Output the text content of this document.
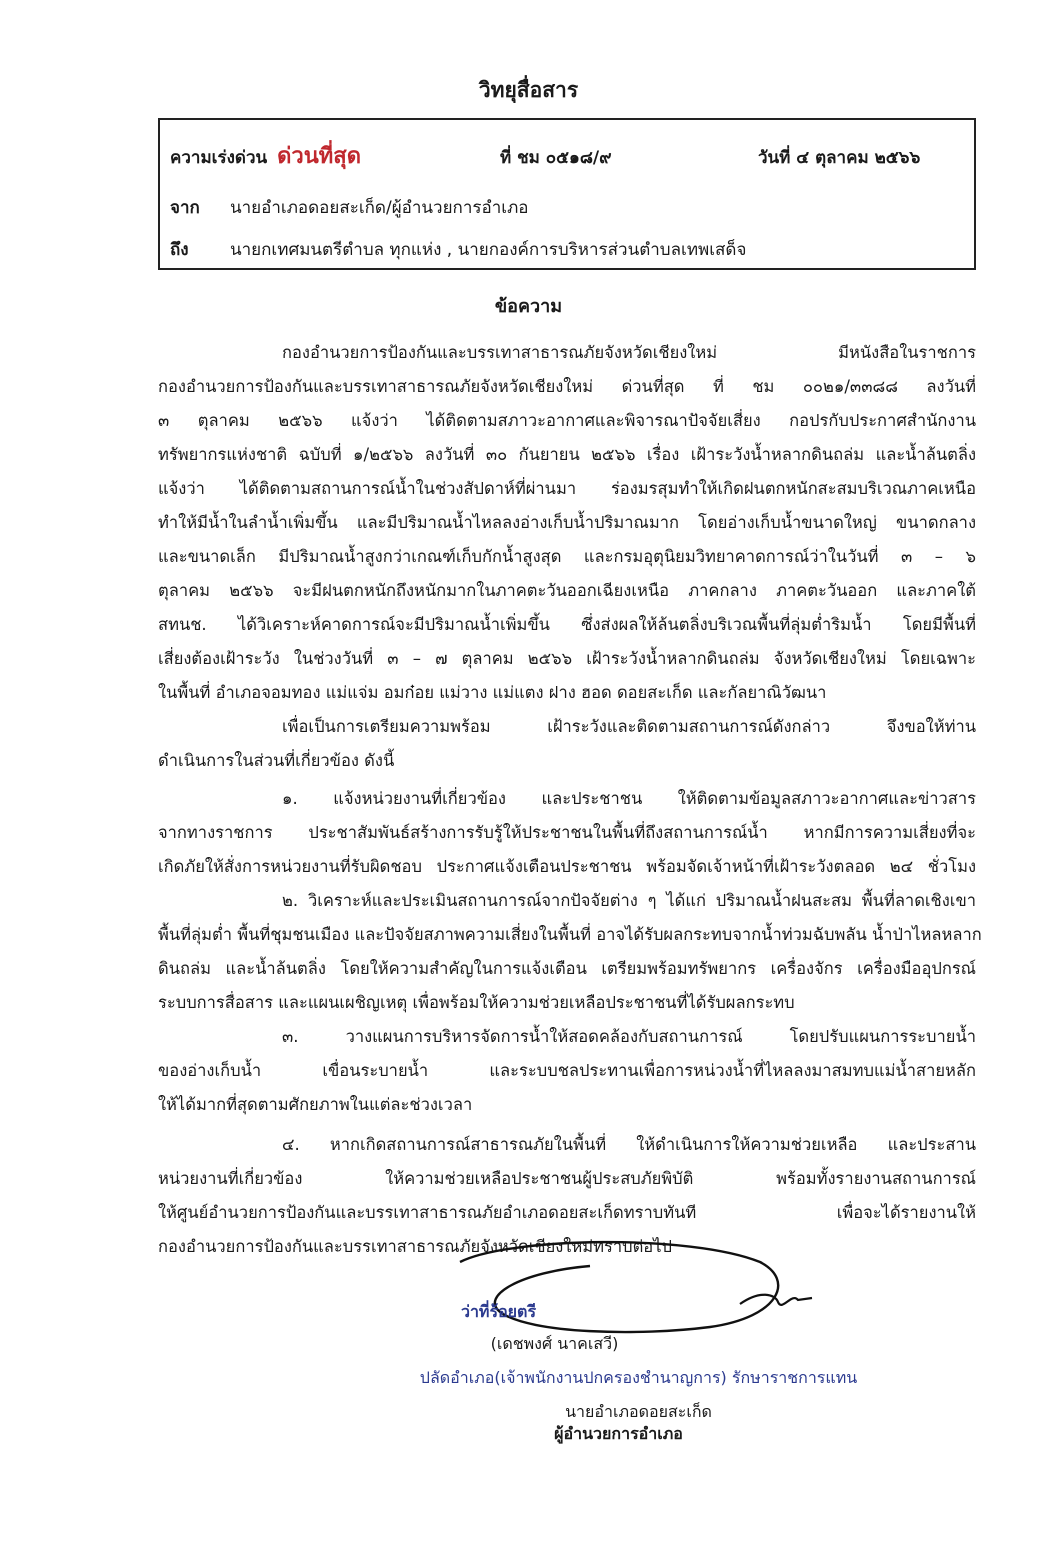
วิทยุสื่อสาร
ความเร่งด่วน ด่วนที่สุด	ที่ ชม ๐๕๑๘/๙	วันที่ ๔ ตุลาคม ๒๕๖๖
จาก นายอำเภอดอยสะเก็ด/ผู้อำนวยการอำเภอ
ถึง นายกเทศมนตรีตำบล ทุกแห่ง , นายกองค์การบริหารส่วนตำบลเทพเสด็จ
ข้อความ
กองอำนวยการป้องกันและบรรเทาสาธารณภัยจังหวัดเชียงใหม่ มีหนังสือในราชการ
กองอำนวยการป้องกันและบรรเทาสาธารณภัยจังหวัดเชียงใหม่ ด่วนที่สุด ที่ ชม ๐๐๒๑/๓๓๘๘ ลงวันที่
๓ ตุลาคม ๒๕๖๖ แจ้งว่า ได้ติดตามสภาวะอากาศและพิจารณาปัจจัยเสี่ยง กอปรกับประกาศสำนักงาน
ทรัพยากรแห่งชาติ ฉบับที่ ๑/๒๕๖๖ ลงวันที่ ๓๐ กันยายน ๒๕๖๖ เรื่อง เฝ้าระวังน้ำหลากดินถล่ม และน้ำล้นตลิ่ง
แจ้งว่า ได้ติดตามสถานการณ์น้ำในช่วงสัปดาห์ที่ผ่านมา ร่องมรสุมทำให้เกิดฝนตกหนักสะสมบริเวณภาคเหนือ
ทำให้มีน้ำในลำน้ำเพิ่มขึ้น และมีปริมาณน้ำไหลลงอ่างเก็บน้ำปริมาณมาก โดยอ่างเก็บน้ำขนาดใหญ่ ขนาดกลาง
และขนาดเล็ก มีปริมาณน้ำสูงกว่าเกณฑ์เก็บกักน้ำสูงสุด และกรมอุตุนิยมวิทยาคาดการณ์ว่าในวันที่ ๓ – ๖
ตุลาคม ๒๕๖๖ จะมีฝนตกหนักถึงหนักมากในภาคตะวันออกเฉียงเหนือ ภาคกลาง ภาคตะวันออก และภาคใต้
สทนช. ได้วิเคราะห์คาดการณ์จะมีปริมาณน้ำเพิ่มขึ้น ซึ่งส่งผลให้ล้นตลิ่งบริเวณพื้นที่ลุ่มต่ำริมน้ำ โดยมีพื้นที่
เสี่ยงต้องเฝ้าระวัง ในช่วงวันที่ ๓ – ๗ ตุลาคม ๒๕๖๖ เฝ้าระวังน้ำหลากดินถล่ม จังหวัดเชียงใหม่ โดยเฉพาะ
ในพื้นที่ อำเภอจอมทอง แม่แจ่ม อมก๋อย แม่วาง แม่แตง ฝาง ฮอด ดอยสะเก็ด และกัลยาณิวัฒนา
เพื่อเป็นการเตรียมความพร้อม เฝ้าระวังและติดตามสถานการณ์ดังกล่าว จึงขอให้ท่าน
ดำเนินการในส่วนที่เกี่ยวข้อง ดังนี้
๑. แจ้งหน่วยงานที่เกี่ยวข้อง และประชาชน ให้ติดตามข้อมูลสภาวะอากาศและข่าวสาร
จากทางราชการ ประชาสัมพันธ์สร้างการรับรู้ให้ประชาชนในพื้นที่ถึงสถานการณ์น้ำ หากมีการความเสี่ยงที่จะ
เกิดภัยให้สั่งการหน่วยงานที่รับผิดชอบ ประกาศแจ้งเตือนประชาชน พร้อมจัดเจ้าหน้าที่เฝ้าระวังตลอด ๒๔ ชั่วโมง
๒. วิเคราะห์และประเมินสถานการณ์จากปัจจัยต่าง ๆ ได้แก่ ปริมาณน้ำฝนสะสม พื้นที่ลาดเชิงเขา
พื้นที่ลุ่มต่ำ พื้นที่ชุมชนเมือง และปัจจัยสภาพความเสี่ยงในพื้นที่ อาจได้รับผลกระทบจากน้ำท่วมฉับพลัน น้ำป่าไหลหลาก
ดินถล่ม และน้ำล้นตลิ่ง โดยให้ความสำคัญในการแจ้งเตือน เตรียมพร้อมทรัพยากร เครื่องจักร เครื่องมืออุปกรณ์
ระบบการสื่อสาร และแผนเผชิญเหตุ เพื่อพร้อมให้ความช่วยเหลือประชาชนที่ได้รับผลกระทบ
๓. วางแผนการบริหารจัดการน้ำให้สอดคล้องกับสถานการณ์ โดยปรับแผนการระบายน้ำ
ของอ่างเก็บน้ำ เขื่อนระบายน้ำ และระบบชลประทานเพื่อการหน่วงน้ำที่ไหลลงมาสมทบแม่น้ำสายหลัก
ให้ได้มากที่สุดตามศักยภาพในแต่ละช่วงเวลา
๔. หากเกิดสถานการณ์สาธารณภัยในพื้นที่ ให้ดำเนินการให้ความช่วยเหลือ และประสาน
หน่วยงานที่เกี่ยวข้อง ให้ความช่วยเหลือประชาชนผู้ประสบภัยพิบัติ พร้อมทั้งรายงานสถานการณ์
ให้ศูนย์อำนวยการป้องกันและบรรเทาสาธารณภัยอำเภอดอยสะเก็ดทราบทันที เพื่อจะได้รายงานให้
กองอำนวยการป้องกันและบรรเทาสาธารณภัยจังหวัดเชียงใหม่ทราบต่อไป
ว่าที่ร้อยตรี
(เดชพงศ์ นาคเสวี)
ปลัดอำเภอ(เจ้าพนักงานปกครองชำนาญการ) รักษาราชการแทน
นายอำเภอดอยสะเก็ด
ผู้อำนวยการอำเภอ
